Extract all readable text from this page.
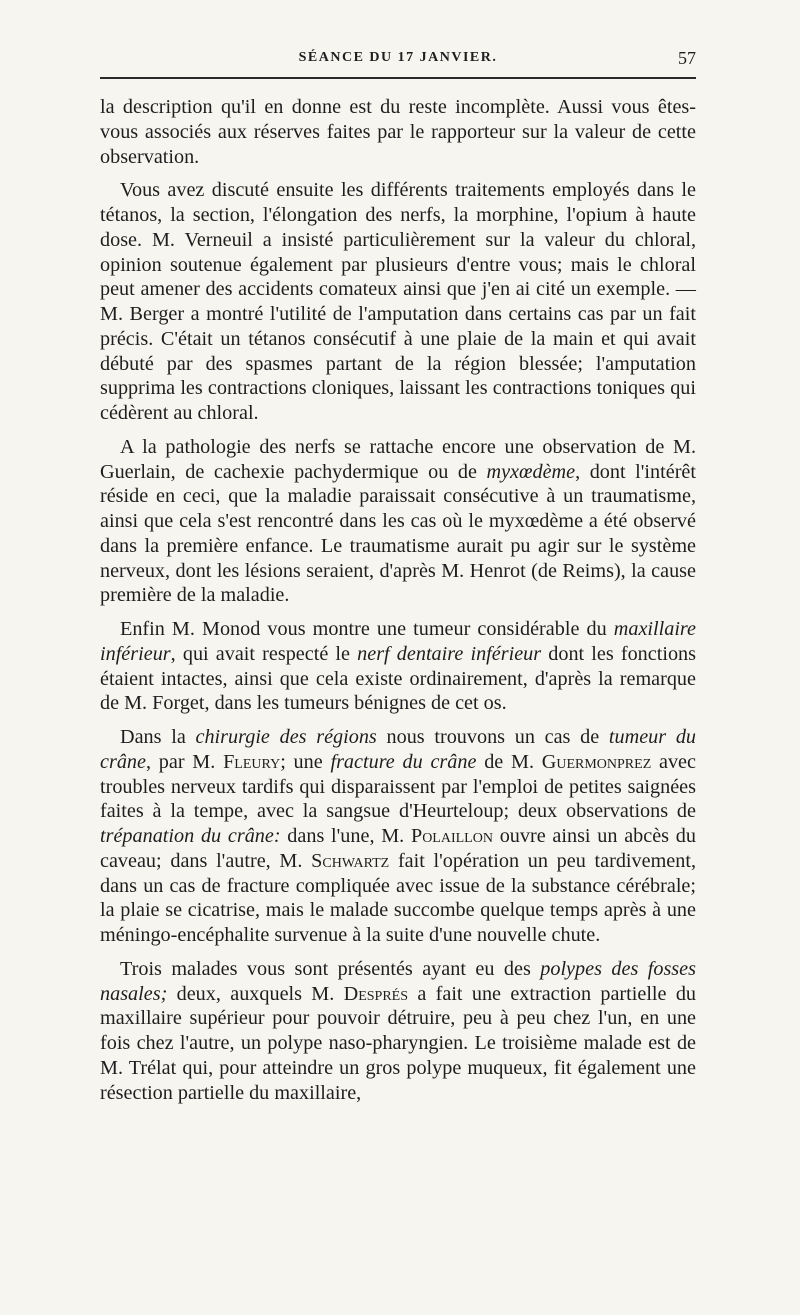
SÉANCE DU 17 JANVIER.	57

la description qu'il en donne est du reste incomplète. Aussi vous êtes-vous associés aux réserves faites par le rapporteur sur la valeur de cette observation.

Vous avez discuté ensuite les différents traitements employés dans le tétanos, la section, l'élongation des nerfs, la morphine, l'opium à haute dose. M. Verneuil a insisté particulièrement sur la valeur du chloral, opinion soutenue également par plusieurs d'entre vous; mais le chloral peut amener des accidents comateux ainsi que j'en ai cité un exemple. — M. Berger a montré l'utilité de l'amputation dans certains cas par un fait précis. C'était un tétanos consécutif à une plaie de la main et qui avait débuté par des spasmes partant de la région blessée; l'amputation supprima les contractions cloniques, laissant les contractions toniques qui cédèrent au chloral.

A la pathologie des nerfs se rattache encore une observation de M. Guerlain, de cachexie pachydermique ou de myxœdème, dont l'intérêt réside en ceci, que la maladie paraissait consécutive à un traumatisme, ainsi que cela s'est rencontré dans les cas où le myxœdème a été observé dans la première enfance. Le traumatisme aurait pu agir sur le système nerveux, dont les lésions seraient, d'après M. Henrot (de Reims), la cause première de la maladie.

Enfin M. Monod vous montre une tumeur considérable du maxillaire inférieur, qui avait respecté le nerf dentaire inférieur dont les fonctions étaient intactes, ainsi que cela existe ordinairement, d'après la remarque de M. Forget, dans les tumeurs bénignes de cet os.

Dans la chirurgie des régions nous trouvons un cas de tumeur du crâne, par M. Fleury; une fracture du crâne de M. Guermonprez avec troubles nerveux tardifs qui disparaissent par l'emploi de petites saignées faites à la tempe, avec la sangsue d'Heurteloup; deux observations de trépanation du crâne: dans l'une, M. Polaillon ouvre ainsi un abcès du caveau; dans l'autre, M. Schwartz fait l'opération un peu tardivement, dans un cas de fracture compliquée avec issue de la substance cérébrale; la plaie se cicatrise, mais le malade succombe quelque temps après à une méningo-encéphalite survenue à la suite d'une nouvelle chute.

Trois malades vous sont présentés ayant eu des polypes des fosses nasales; deux, auxquels M. Després a fait une extraction partielle du maxillaire supérieur pour pouvoir détruire, peu à peu chez l'un, en une fois chez l'autre, un polype naso-pharyngien. Le troisième malade est de M. Trélat qui, pour atteindre un gros polype muqueux, fit également une résection partielle du maxillaire,
